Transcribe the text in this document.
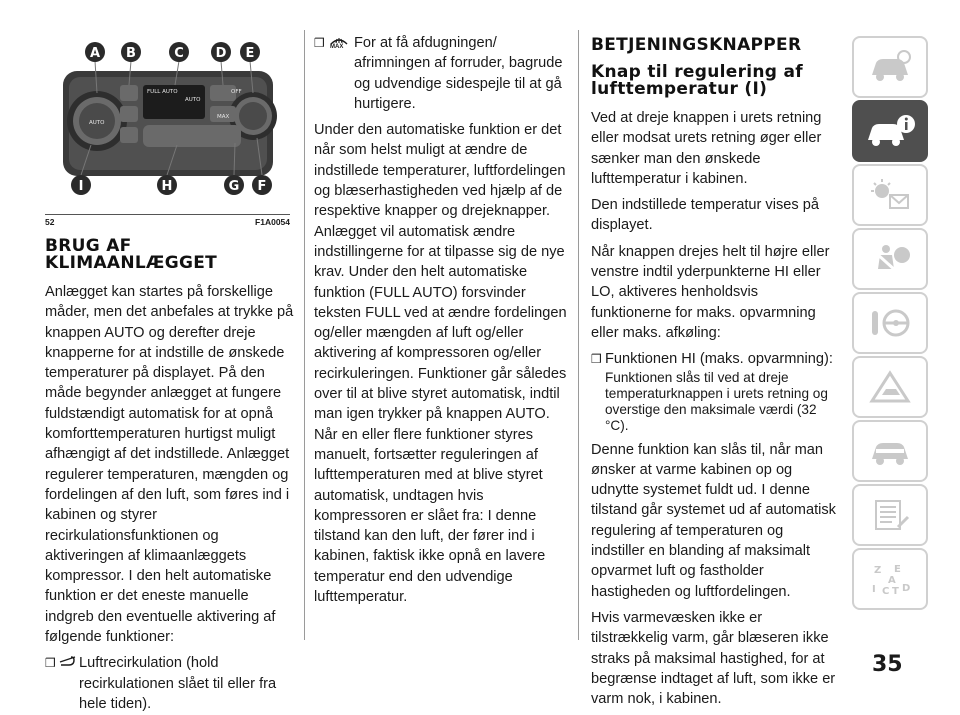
A B	C D E
I	H	G F
FULL AUTO
AUTO
AUTO
OFF
MAX
52	F1A0054
BRUG AF KLIMAANLÆGGET

Anlægget kan startes på forskellige måder, men det anbefales at trykke på knappen AUTO og derefter dreje knapperne for at indstille de ønskede temperaturer på displayet. På den måde begynder anlægget at fungere fuldstændigt automatisk for at opnå komforttemperaturen hurtigst muligt afhængigt af det indstillede. Anlægget regulerer temperaturen, mængden og fordelingen af den luft, som føres ind i kabinen og styrer recirkulationsfunktionen og aktiveringen af klimaanlæggets kompressor. I den helt automatiske funktion er det eneste manuelle indgreb den eventuelle aktivering af følgende funktioner:

❒ Luftrecirkulation (hold recirkulationen slået til eller fra hele tiden).
❒ MAX For at få afdugningen/ afrimningen af forruder, bagrude og udvendige sidespejle til at gå hurtigere.

Under den automatiske funktion er det når som helst muligt at ændre de indstillede temperaturer, luftfordelingen og blæserhastigheden ved hjælp af de respektive knapper og drejeknapper. Anlægget vil automatisk ændre indstillingerne for at tilpasse sig de nye krav. Under den helt automatiske funktion (FULL AUTO) forsvinder teksten FULL ved at ændre fordelingen og/eller mængden af luft og/eller aktivering af kompressoren og/eller recirkuleringen. Funktioner går således over til at blive styret automatisk, indtil man igen trykker på knappen AUTO. Når en eller flere funktioner styres manuelt, fortsætter reguleringen af lufttemperaturen med at blive styret automatisk, undtagen hvis kompressoren er slået fra: I denne tilstand kan den luft, der fører ind i kabinen, faktisk ikke opnå en lavere temperatur end den udvendige lufttemperatur.

BETJENINGSKNAPPER
Knap til regulering af lufttemperatur (I)

Ved at dreje knappen i urets retning eller modsat urets retning øger eller sænker man den ønskede lufttemperatur i kabinen.

Den indstillede temperatur vises på displayet.

Når knappen drejes helt til højre eller venstre indtil yderpunkterne HI eller LO, aktiveres henholdsvis funktionerne for maks. opvarmning eller maks. afkøling:

❒ Funktionen HI (maks. opvarmning):

Funktionen slås til ved at dreje temperaturknappen i urets retning og overstige den maksimale værdi (32 °C).

Denne funktion kan slås til, når man ønsker at varme kabinen op og udnytte systemet fuldt ud. I denne tilstand går systemet ud af automatisk regulering af temperaturen og indstiller en blanding af maksimalt opvarmet luft og fastholder hastigheden og luftfordelingen.

Hvis varmevæsken ikke er tilstrækkelig varm, går blæseren ikke straks på maksimal hastighed, for at begrænse indtaget af luft, som ikke er varm nok, i kabinen.

Z E
A
I C T D
35
